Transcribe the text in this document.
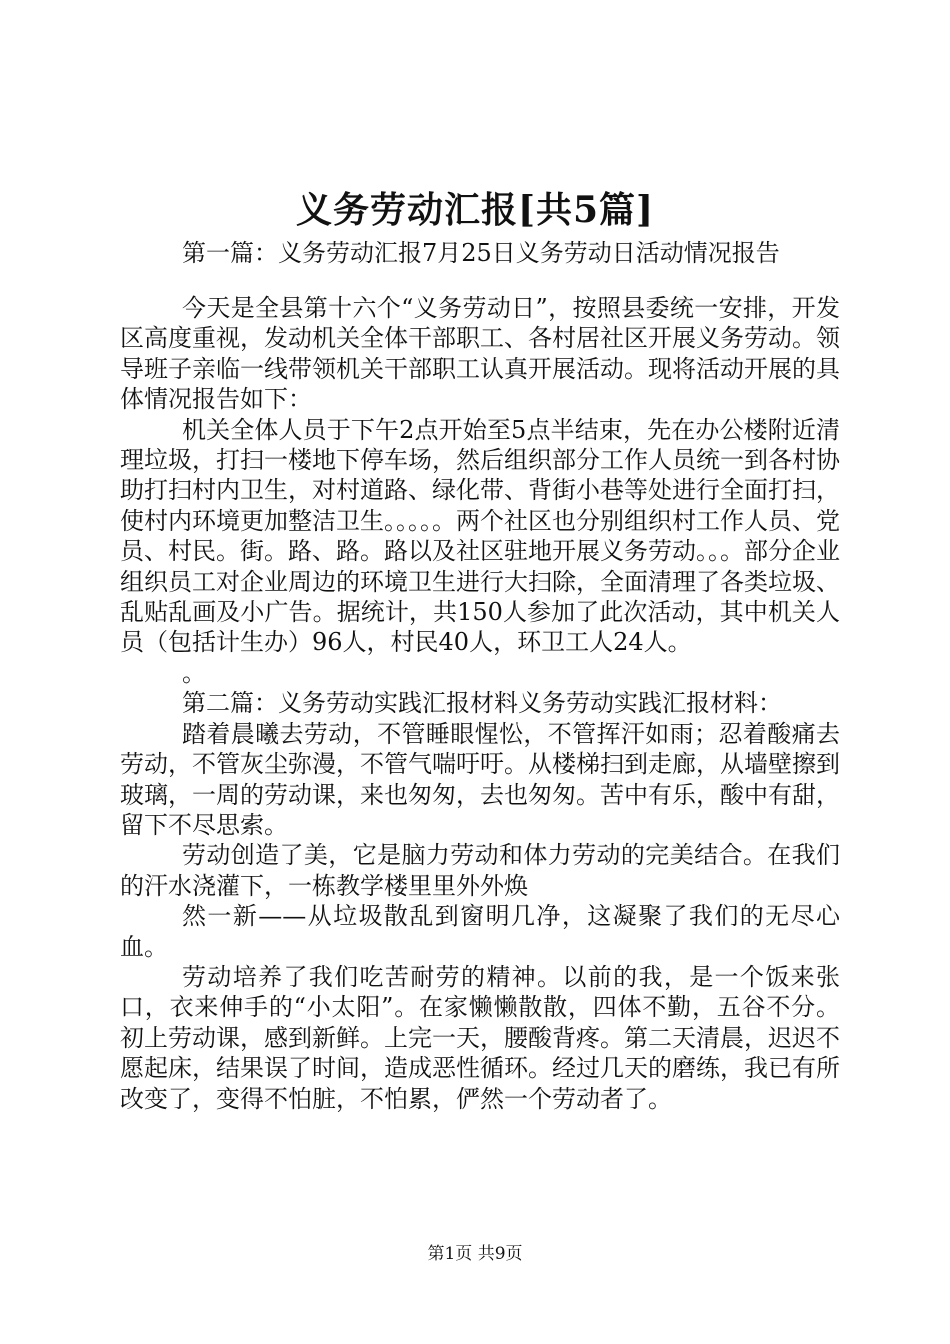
义务劳动汇报[共5篇]

第一篇：义务劳动汇报7月25日义务劳动日活动情况报告

今天是全县第十六个“义务劳动日”，按照县委统一安排，开发区高度重视，发动机关全体干部职工、各村居社区开展义务劳动。领导班子亲临一线带领机关干部职工认真开展活动。现将活动开展的具体情况报告如下：

机关全体人员于下午2点开始至5点半结束，先在办公楼附近清理垃圾，打扫一楼地下停车场，然后组织部分工作人员统一到各村协助打扫村内卫生，对村道路、绿化带、背街小巷等处进行全面打扫，使村内环境更加整洁卫生。。。。。两个社区也分别组织村工作人员、党员、村民。街。路、路。路以及社区驻地开展义务劳动。。。部分企业组织员工对企业周边的环境卫生进行大扫除，全面清理了各类垃圾、乱贴乱画及小广告。据统计，共150人参加了此次活动，其中机关人员（包括计生办）96人，村民40人，环卫工人24人。

。

第二篇：义务劳动实践汇报材料义务劳动实践汇报材料：

踏着晨曦去劳动，不管睡眼惺忪，不管挥汗如雨；忍着酸痛去劳动，不管灰尘弥漫，不管气喘吁吁。从楼梯扫到走廊，从墙壁擦到玻璃，一周的劳动课，来也匆匆，去也匆匆。苦中有乐，酸中有甜，留下不尽思索。

劳动创造了美，它是脑力劳动和体力劳动的完美结合。在我们的汗水浇灌下，一栋教学楼里里外外焕

然一新——从垃圾散乱到窗明几净，这凝聚了我们的无尽心血。

劳动培养了我们吃苦耐劳的精神。以前的我，是一个饭来张口，衣来伸手的“小太阳”。在家懒懒散散，四体不勤，五谷不分。初上劳动课，感到新鲜。上完一天，腰酸背疼。第二天清晨，迟迟不愿起床，结果误了时间，造成恶性循环。经过几天的磨练，我已有所改变了，变得不怕脏，不怕累，俨然一个劳动者了。

第1页 共9页
